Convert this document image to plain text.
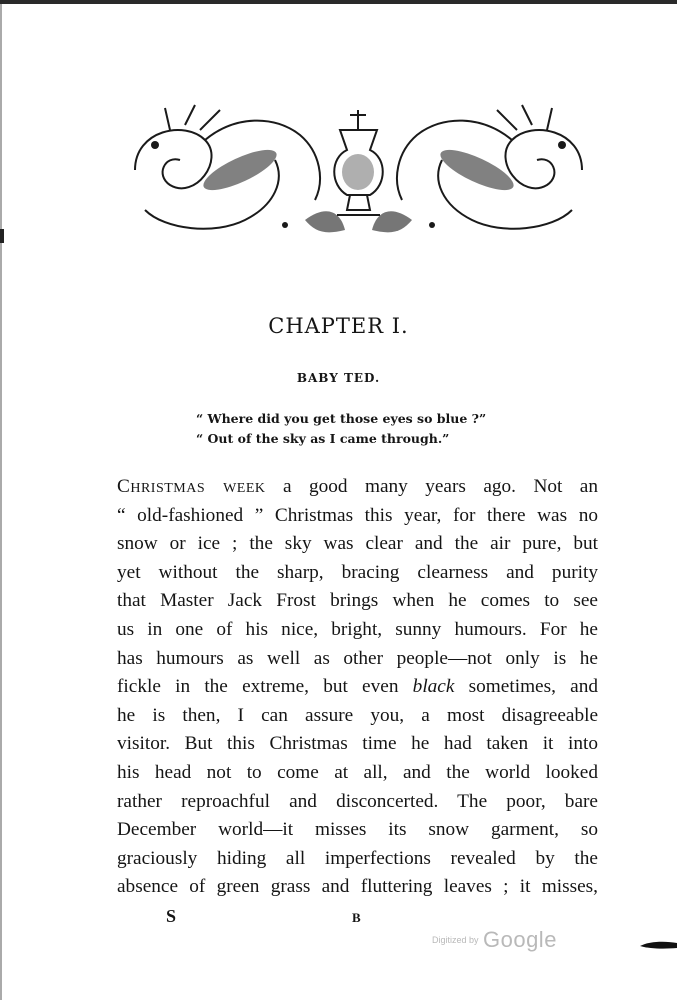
CHAPTER I.
BABY TED.
“ Where did you get those eyes so blue ?”
“ Out of the sky as I came through.”
Christmas week a good many years ago. Not an
“ old-fashioned ” Christmas this year, for there was no
snow or ice ; the sky was clear and the air pure, but
yet without the sharp, bracing clearness and purity
that Master Jack Frost brings when he comes to see
us in one of his nice, bright, sunny humours. For he
has humours as well as other people—not only is he
fickle in the extreme, but even black sometimes, and
he is then, I can assure you, a most disagreeable
visitor. But this Christmas time he had taken it into
his head not to come at all, and the world looked
rather reproachful and disconcerted. The poor, bare
December world—it misses its snow garment, so
graciously hiding all imperfections revealed by the
absence of green grass and fluttering leaves ; it misses,
S	B
Digitized by Google
